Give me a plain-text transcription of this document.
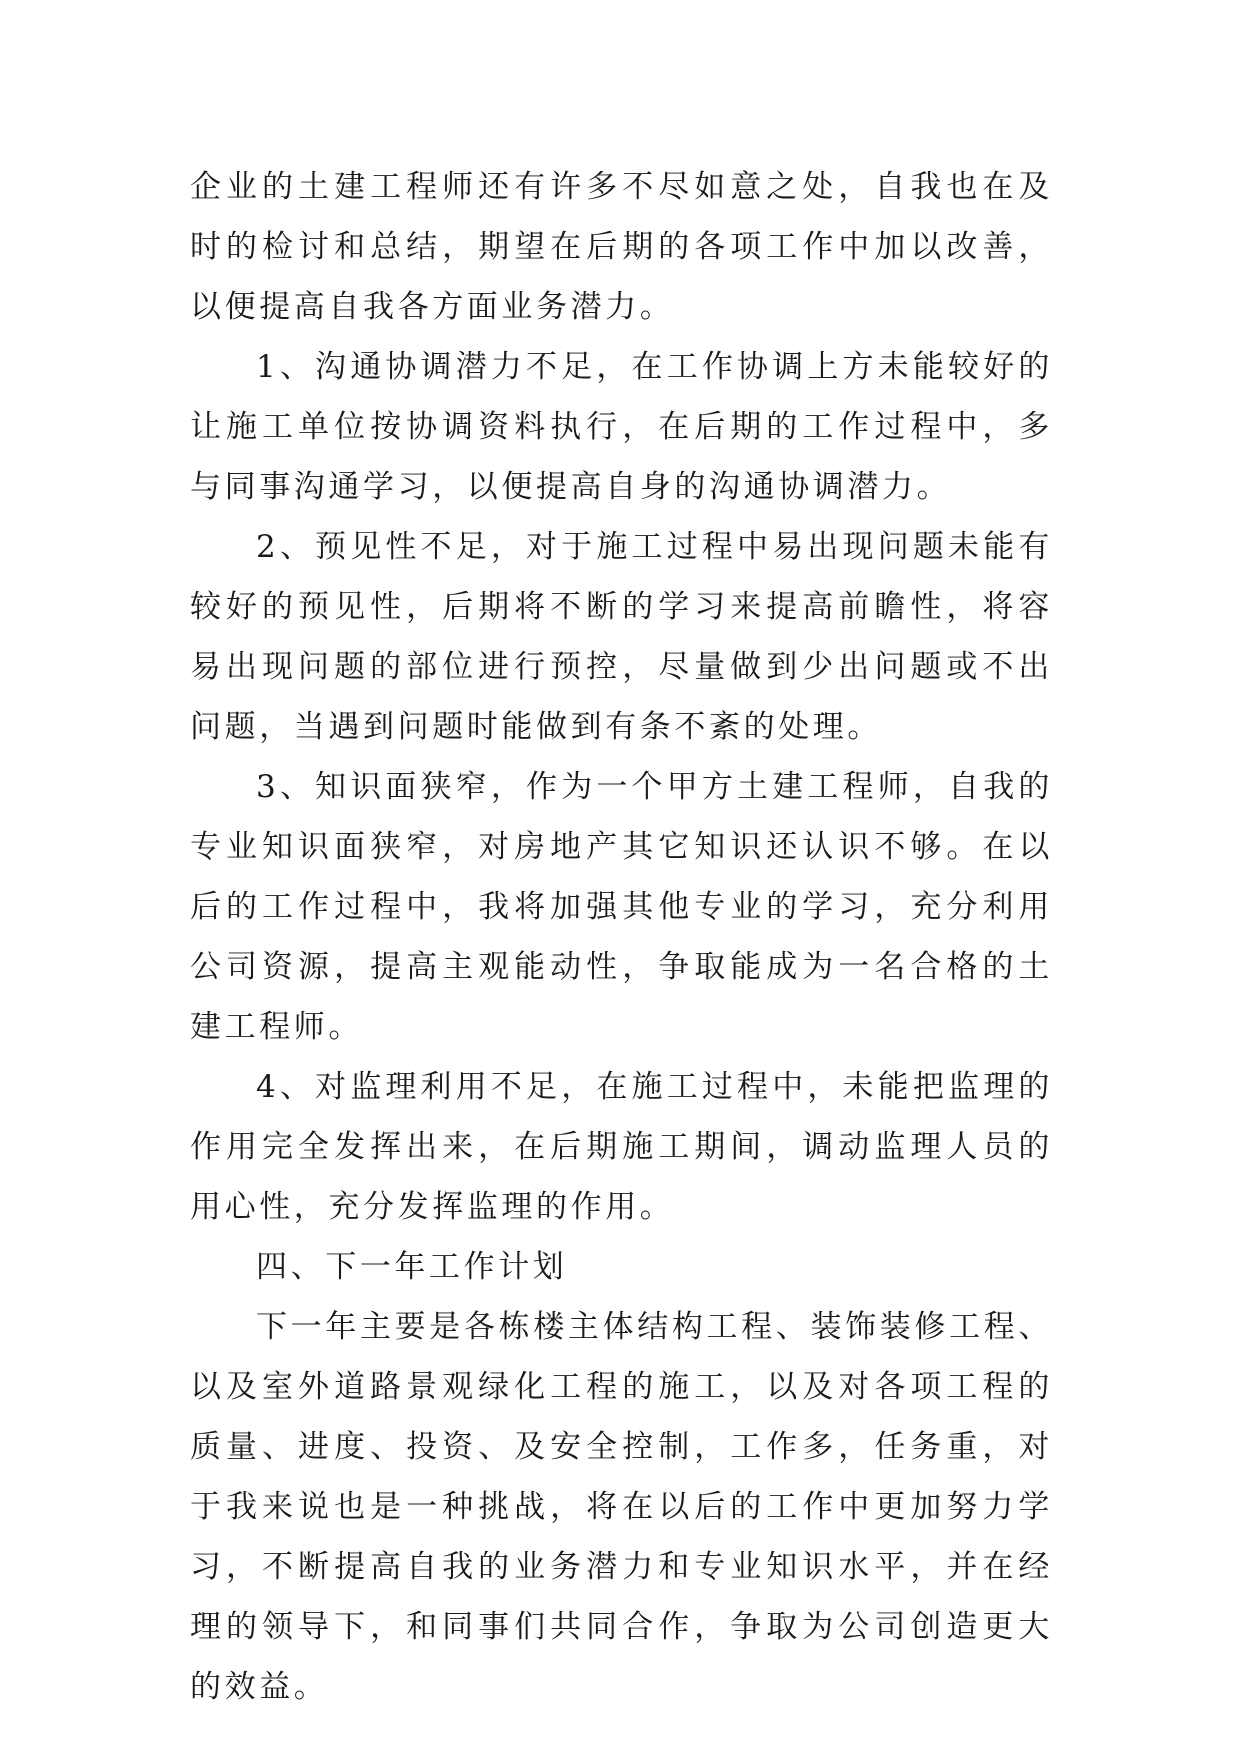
企业的土建工程师还有许多不尽如意之处，自我也在及时的检讨和总结，期望在后期的各项工作中加以改善，以便提高自我各方面业务潜力。

1、沟通协调潜力不足，在工作协调上方未能较好的让施工单位按协调资料执行，在后期的工作过程中，多与同事沟通学习，以便提高自身的沟通协调潜力。

2、预见性不足，对于施工过程中易出现问题未能有较好的预见性，后期将不断的学习来提高前瞻性，将容易出现问题的部位进行预控，尽量做到少出问题或不出问题，当遇到问题时能做到有条不紊的处理。

3、知识面狭窄，作为一个甲方土建工程师，自我的专业知识面狭窄，对房地产其它知识还认识不够。在以后的工作过程中，我将加强其他专业的学习，充分利用公司资源，提高主观能动性，争取能成为一名合格的土建工程师。

4、对监理利用不足，在施工过程中，未能把监理的作用完全发挥出来，在后期施工期间，调动监理人员的用心性，充分发挥监理的作用。

四、下一年工作计划

下一年主要是各栋楼主体结构工程、装饰装修工程、以及室外道路景观绿化工程的施工，以及对各项工程的质量、进度、投资、及安全控制，工作多，任务重，对于我来说也是一种挑战，将在以后的工作中更加努力学习，不断提高自我的业务潜力和专业知识水平，并在经理的领导下，和同事们共同合作，争取为公司创造更大的效益。
